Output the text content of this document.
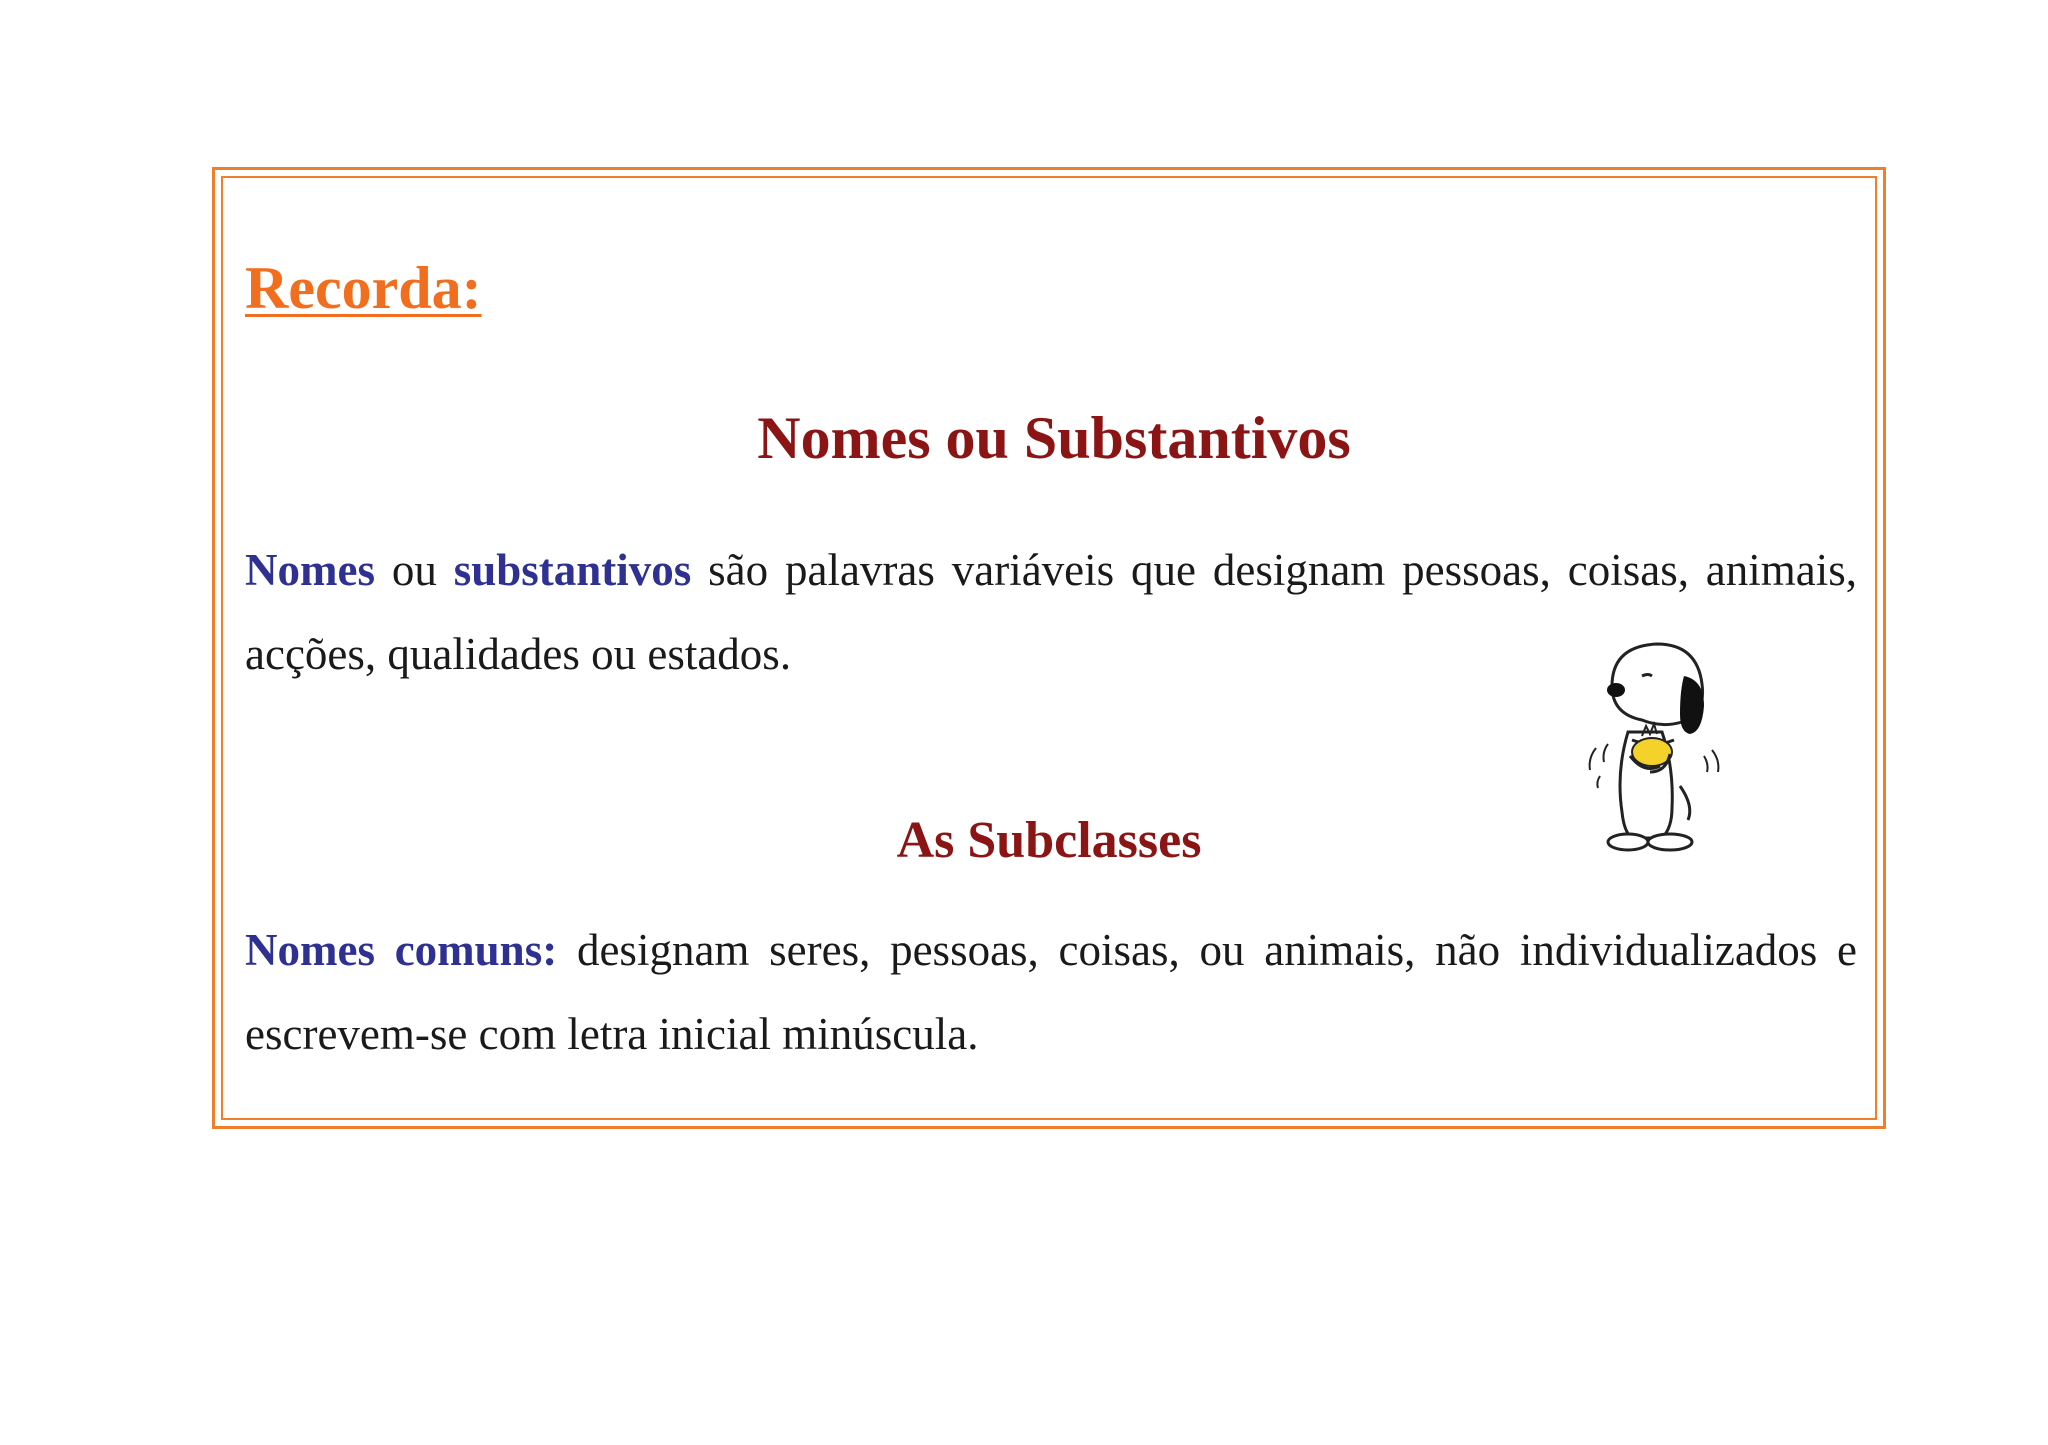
Recorda:
Nomes ou Substantivos

Nomes ou substantivos são palavras variáveis que designam pessoas, coisas, animais, acções, qualidades ou estados.

As Subclasses

Nomes comuns: designam seres, pessoas, coisas, ou animais, não individualizados e escrevem-se com letra inicial minúscula.
